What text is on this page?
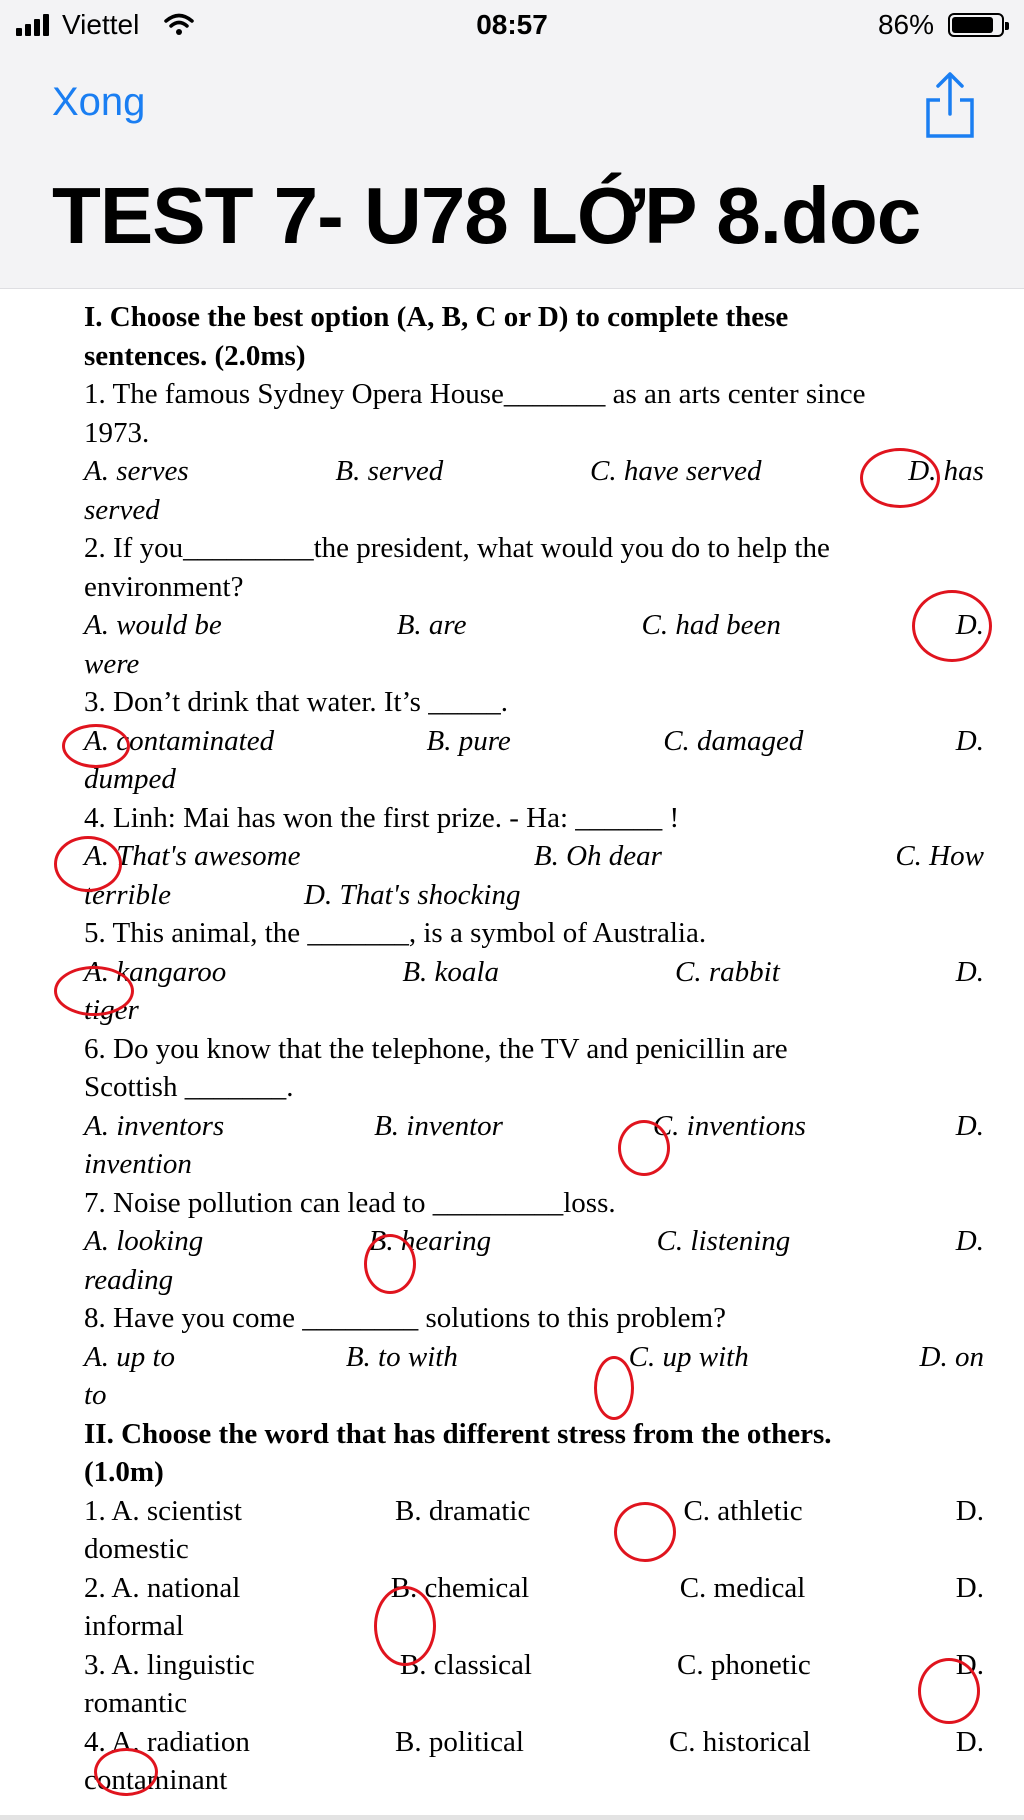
Viettel	08:57	86%
Xong
TEST 7- U78 LỚP 8.doc
I. Choose the best option (A, B, C or D) to complete these
sentences. (2.0ms)
1. The famous Sydney Opera House_______ as an arts center since
1973.
A. serves	B. served	C. have served	D. has
served
2. If you_________the president, what would you do to help the
environment?
A. would be	B. are	C. had been	D.
were
3. Don’t drink that water. It’s _____.
A. contaminated	B. pure	C. damaged	D.
dumped
4. Linh: Mai has won the first prize. - Ha: ______ !
A. That's awesome	B. Oh dear	C. How
terrible	D. That's shocking
5. This animal, the _______, is a symbol of Australia.
A. kangaroo	B. koala	C. rabbit	D.
tiger
6. Do you know that the telephone, the TV and penicillin are
Scottish _______.
A. inventors	B. inventor	C. inventions	D.
invention
7. Noise pollution can lead to _________loss.
A. looking	B. hearing	C. listening	D.
reading
8. Have you come ________ solutions to this problem?
A. up to	B. to with	C. up with	D. on
to
II. Choose the word that has different stress from the others.
(1.0m)
1. A. scientist	B. dramatic	C. athletic	D.
domestic
2. A. national	B. chemical	C. medical	D.
informal
3. A. linguistic	B. classical	C. phonetic	D.
romantic
4. A. radiation	B. political	C. historical	D.
contaminant
